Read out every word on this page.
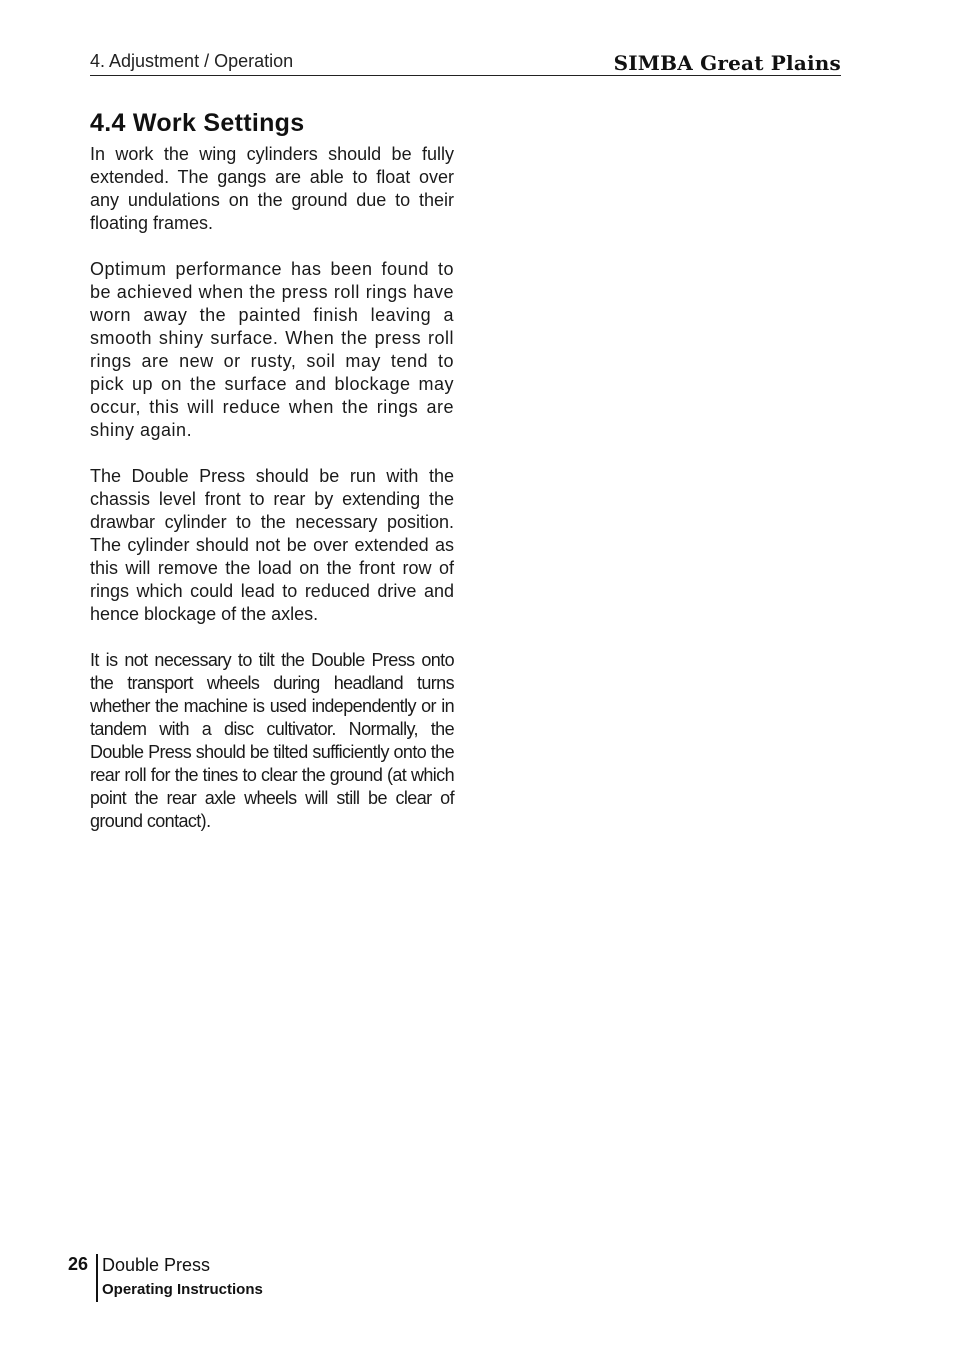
4. Adjustment / Operation	SIMBA Great Plains
4.4 Work Settings

In work the wing cylinders should be fully extended. The gangs are able to float over any undulations on the ground due to their floating frames.

Optimum performance has been found to be achieved when the press roll rings have worn away the painted finish leaving a smooth shiny surface. When the press roll rings are new or rusty, soil may tend to pick up on the surface and blockage may occur, this will reduce when the rings are shiny again.

The Double Press should be run with the chassis level front to rear by extending the drawbar cylinder to the necessary position. The cylinder should not be over extended as this will remove the load on the front row of rings which could lead to reduced drive and hence blockage of the axles.

It is not necessary to tilt the Double Press onto the transport wheels during headland turns whether the machine is used independently or in tandem with a disc cultivator. Normally, the Double Press should be tilted sufficiently onto the rear roll for the tines to clear the ground (at which point the rear axle wheels will still be clear of ground contact).

26 Double Press
Operating Instructions
